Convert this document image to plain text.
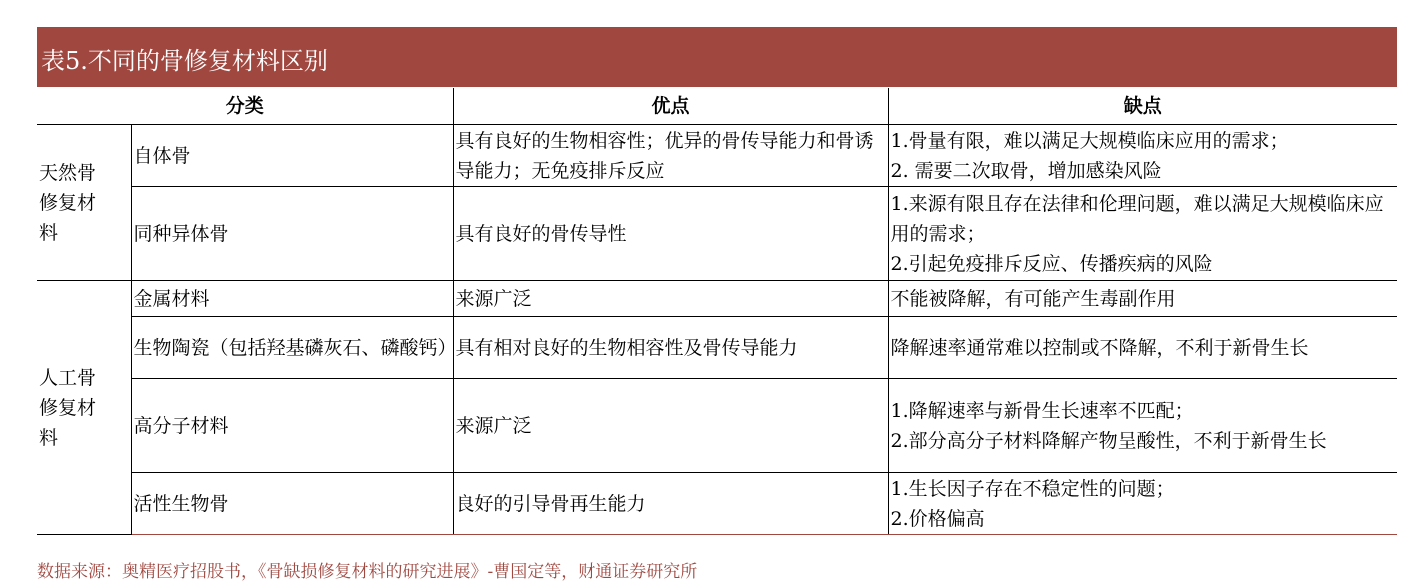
表5.不同的骨修复材料区别
分类		优点	缺点
天然骨
修复材
料	自体骨	具有良好的生物相容性；优异的骨传导能力和骨诱导能力；无免疫排斥反应	1.骨量有限，难以满足大规模临床应用的需求；
2. 需要二次取骨，增加感染风险
	同种异体骨	具有良好的骨传导性	1.来源有限且存在法律和伦理问题，难以满足大规模临床应用的需求；
2.引起免疫排斥反应、传播疾病的风险
人工骨
修复材
料	金属材料	来源广泛	不能被降解，有可能产生毒副作用
	生物陶瓷（包括羟基磷灰石、磷酸钙）	具有相对良好的生物相容性及骨传导能力	降解速率通常难以控制或不降解，不利于新骨生长
	高分子材料	来源广泛	1.降解速率与新骨生长速率不匹配；
2.部分高分子材料降解产物呈酸性，不利于新骨生长
	活性生物骨	良好的引导骨再生能力	1.生长因子存在不稳定性的问题；
2.价格偏高
数据来源：奥精医疗招股书，《骨缺损修复材料的研究进展》-曹国定等，财通证券研究所
